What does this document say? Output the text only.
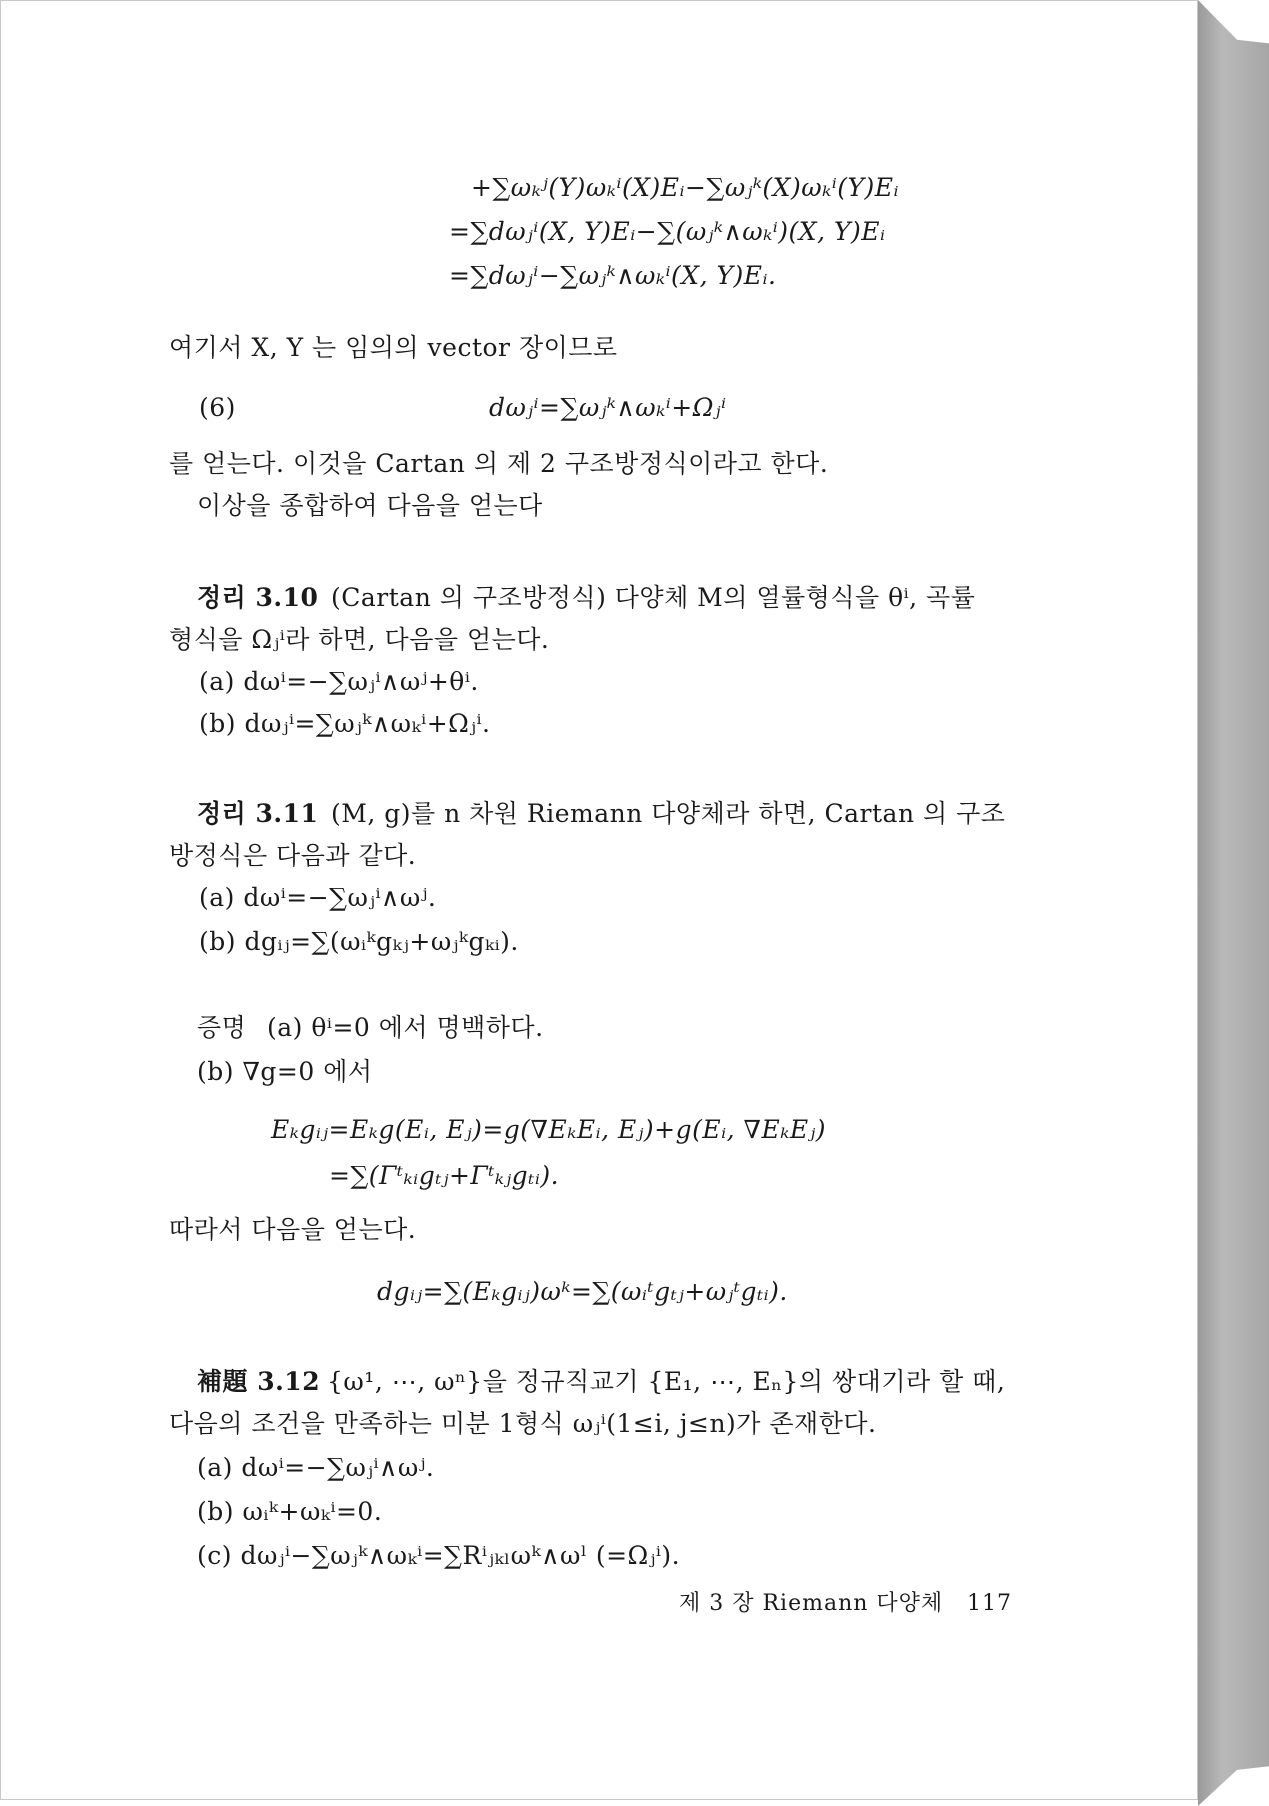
+∑ωₖʲ(Y)ωₖⁱ(X)Eᵢ−∑ωⱼᵏ(X)ωₖⁱ(Y)Eᵢ
=∑dωⱼⁱ(X, Y)Eᵢ−∑(ωⱼᵏ∧ωₖⁱ)(X, Y)Eᵢ
=∑dωⱼⁱ−∑ωⱼᵏ∧ωₖⁱ(X, Y)Eᵢ.
여기서 X, Y 는 임의의 vector 장이므로
(6)	dωⱼⁱ=∑ωⱼᵏ∧ωₖⁱ+Ωⱼⁱ
를 얻는다. 이것을 Cartan 의 제 2 구조방정식이라고 한다.
이상을 종합하여 다음을 얻는다
정리 3.10 (Cartan 의 구조방정식) 다양체 M의 열률형식을 θⁱ, 곡률
형식을 Ωⱼⁱ라 하면, 다음을 얻는다.
(a) dωⁱ=−∑ωⱼⁱ∧ωʲ+θⁱ.
(b) dωⱼⁱ=∑ωⱼᵏ∧ωₖⁱ+Ωⱼⁱ.
정리 3.11 (M, g)를 n 차원 Riemann 다양체라 하면, Cartan 의 구조
방정식은 다음과 같다.
(a) dωⁱ=−∑ωⱼⁱ∧ωʲ.
(b) dgᵢⱼ=∑(ωᵢᵏgₖⱼ+ωⱼᵏgₖᵢ).
증명 (a) θⁱ=0 에서 명백하다.
(b) ∇g=0 에서
Eₖgᵢⱼ=Eₖg(Eᵢ, Eⱼ)=g(∇EₖEᵢ, Eⱼ)+g(Eᵢ, ∇EₖEⱼ)
=∑(Γᵗₖᵢgₜⱼ+Γᵗₖⱼgₜᵢ).
따라서 다음을 얻는다.
dgᵢⱼ=∑(Eₖgᵢⱼ)ωᵏ=∑(ωᵢᵗgₜⱼ+ωⱼᵗgₜᵢ).
補題 3.12 {ω¹, ⋯, ωⁿ}을 정규직교기 {E₁, ⋯, Eₙ}의 쌍대기라 할 때,
다음의 조건을 만족하는 미분 1형식 ωⱼⁱ(1≤i, j≤n)가 존재한다.
(a) dωⁱ=−∑ωⱼⁱ∧ωʲ.
(b) ωᵢᵏ+ωₖⁱ=0.
(c) dωⱼⁱ−∑ωⱼᵏ∧ωₖⁱ=∑Rⁱⱼₖₗωᵏ∧ωˡ (=Ωⱼⁱ).
제 3 장 Riemann 다양체 117
